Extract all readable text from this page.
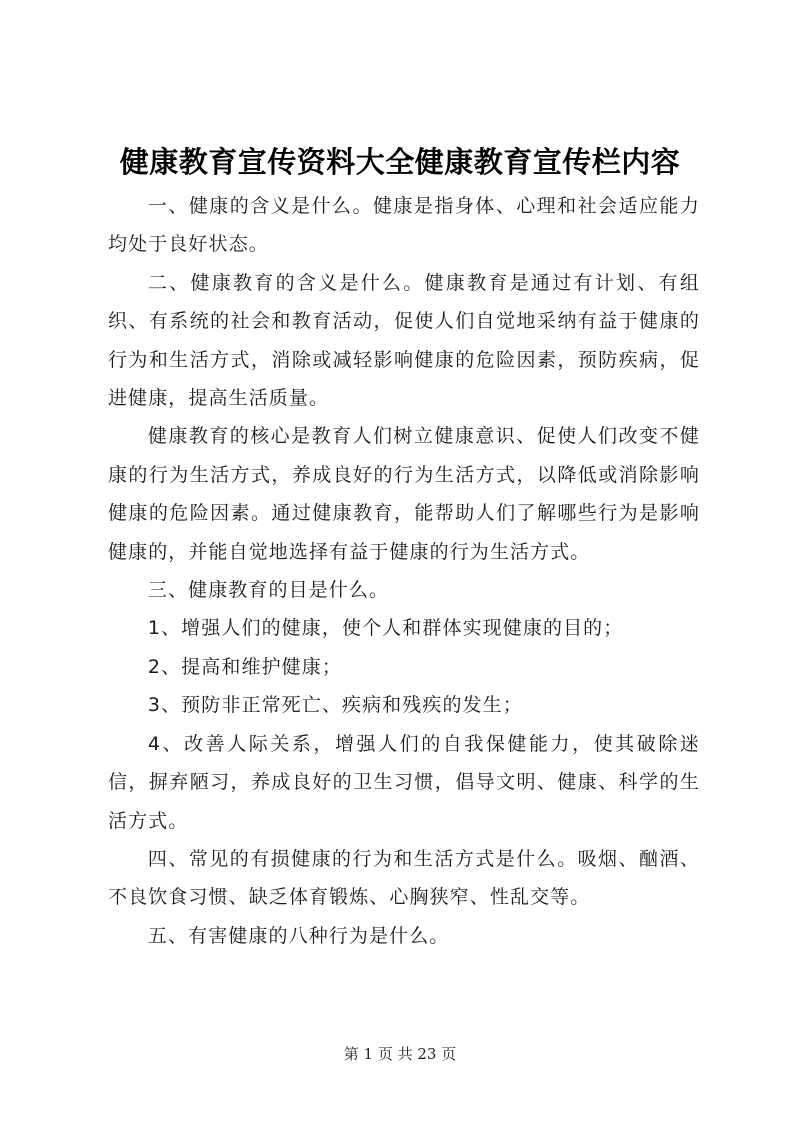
健康教育宣传资料大全健康教育宣传栏内容

一、健康的含义是什么。健康是指身体、心理和社会适应能力均处于良好状态。

二、健康教育的含义是什么。健康教育是通过有计划、有组织、有系统的社会和教育活动，促使人们自觉地采纳有益于健康的行为和生活方式，消除或减轻影响健康的危险因素，预防疾病，促进健康，提高生活质量。

健康教育的核心是教育人们树立健康意识、促使人们改变不健康的行为生活方式，养成良好的行为生活方式，以降低或消除影响健康的危险因素。通过健康教育，能帮助人们了解哪些行为是影响健康的，并能自觉地选择有益于健康的行为生活方式。

三、健康教育的目是什么。

1、增强人们的健康，使个人和群体实现健康的目的；

2、提高和维护健康；

3、预防非正常死亡、疾病和残疾的发生；

4、改善人际关系，增强人们的自我保健能力，使其破除迷信，摒弃陋习，养成良好的卫生习惯，倡导文明、健康、科学的生活方式。

四、常见的有损健康的行为和生活方式是什么。吸烟、酗酒、不良饮食习惯、缺乏体育锻炼、心胸狭窄、性乱交等。

五、有害健康的八种行为是什么。

第 1 页 共 23 页
